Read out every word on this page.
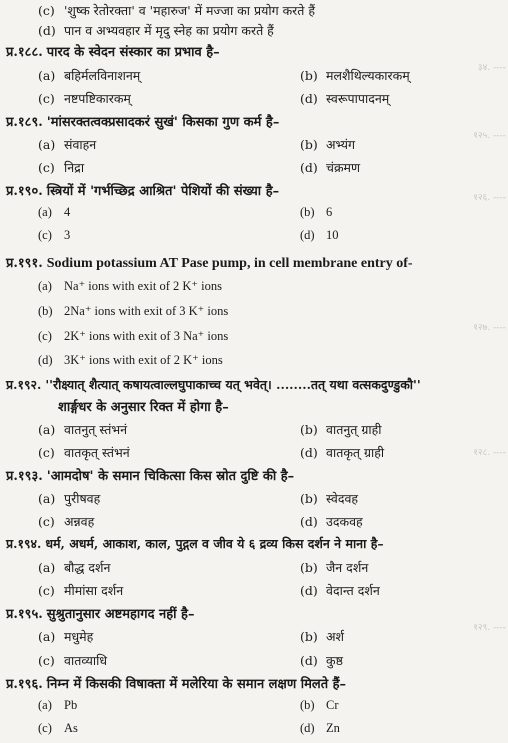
३४. ----
१२५. ----
१२६. ----
१२७. ----
१२८. ----
१२९. ----
(c) 'शुष्क रेतोरक्ता' व 'महारुज' में मज्जा का प्रयोग करते हैं
(d) पान व अभ्यवहार में मृदु स्नेह का प्रयोग करते हैं
प्र.१८८. पारद के स्वेदन संस्कार का प्रभाव है–
(a) बहिर्मलविनाशनम्	(b) मलशैथिल्यकारकम्
(c) नष्टपष्टिकारकम्	(d) स्वरूपापादनम्
प्र.१८९. 'मांसरक्तत्वक्प्रसादकरं सुखं' किसका गुण कर्म है–
(a) संवाहन	(b) अभ्यंग
(c) निद्रा	(d) चंक्रमण
प्र.१९०. स्त्रियों में 'गर्भच्छिद्र आश्रित' पेशियों की संख्या है–
(a) 4	(b) 6
(c) 3	(d) 10
प्र.१९१. Sodium potassium AT Pase pump, in cell membrane entry of-
(a) Na⁺ ions with exit of 2 K⁺ ions
(b) 2Na⁺ ions with exit of 3 K⁺ ions
(c) 2K⁺ ions with exit of 3 Na⁺ ions
(d) 3K⁺ ions with exit of 2 K⁺ ions
प्र.१९२. ''रौक्ष्यात् शैत्यात् कषायत्वाल्लघुपाकाच्च यत् भवेत्। ........तत् यथा वत्सकदुण्डुकौ''
शार्ङ्गधर के अनुसार रिक्त में होगा है–
(a) वातनुत् स्तंभनं	(b) वातनुत् ग्राही
(c) वातकृत् स्तंभनं	(d) वातकृत् ग्राही
प्र.१९३. 'आमदोष' के समान चिकित्सा किस स्रोत दुष्टि की है–
(a) पुरीषवह	(b) स्वेदवह
(c) अन्नवह	(d) उदकवह
प्र.१९४. धर्म, अधर्म, आकाश, काल, पुद्गल व जीव ये ६ द्रव्य किस दर्शन ने माना है–
(a) बौद्ध दर्शन	(b) जैन दर्शन
(c) मीमांसा दर्शन	(d) वेदान्त दर्शन
प्र.१९५. सुश्रुतानुसार अष्टमहागद नहीं है–
(a) मधुमेह	(b) अर्श
(c) वातव्याधि	(d) कुष्ठ
प्र.१९६. निम्न में किसकी विषाक्ता में मलेरिया के समान लक्षण मिलते हैं–
(a) Pb	(b) Cr
(c) As	(d) Zn
